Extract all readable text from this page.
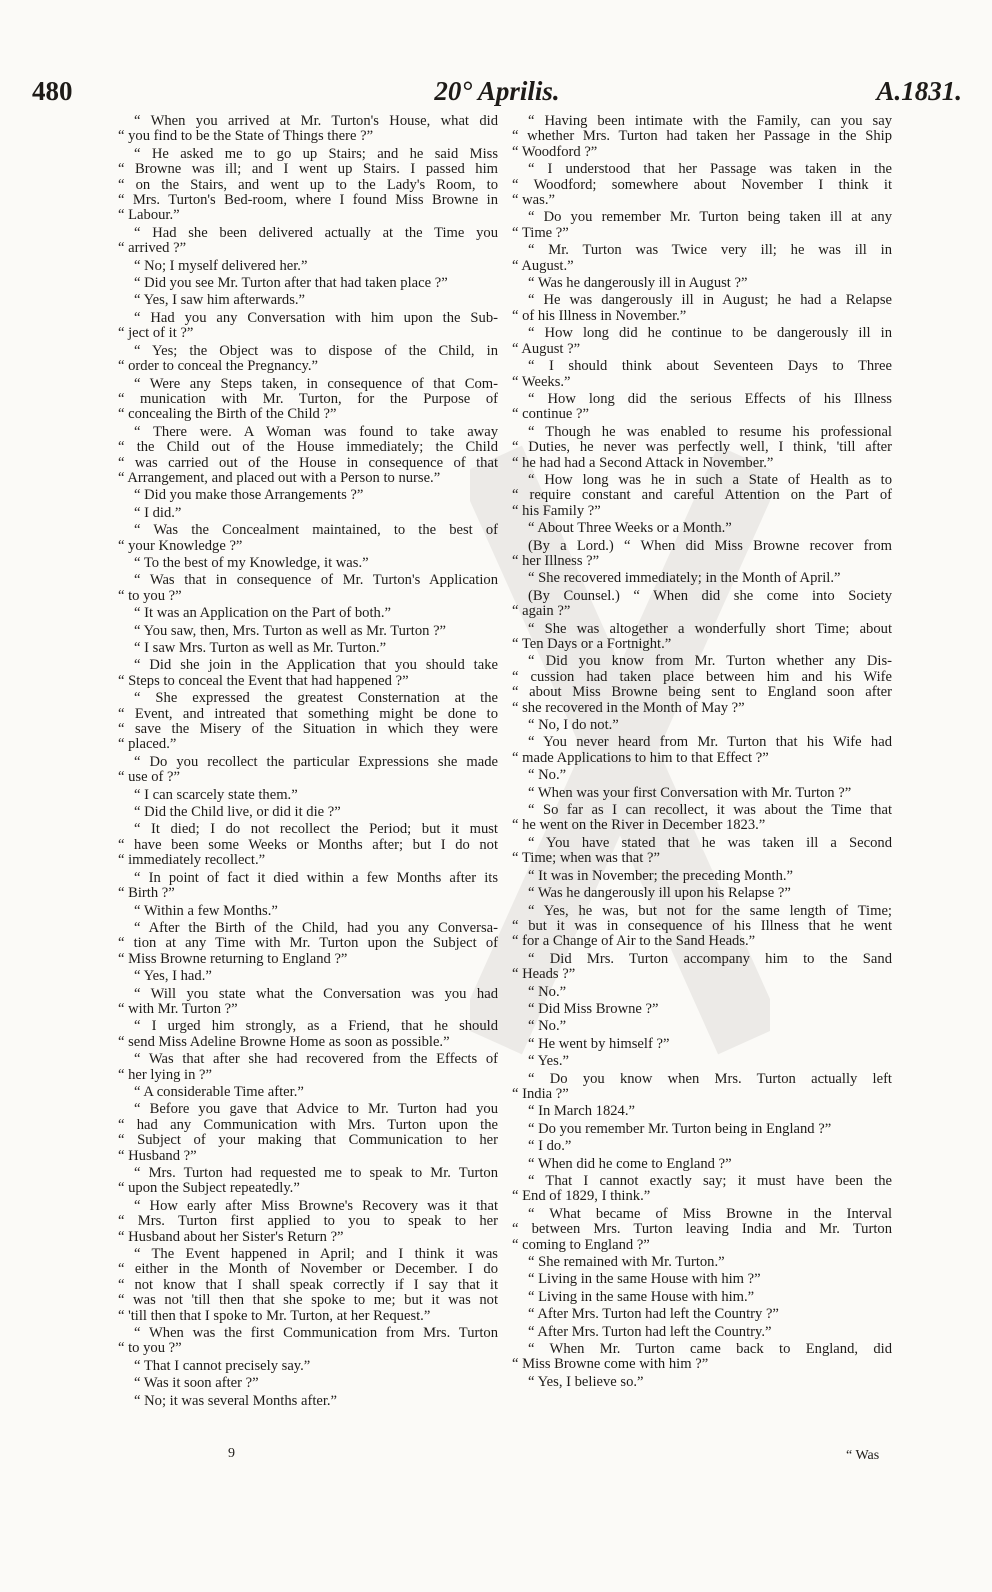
480	20° Aprilis.	A.1831.
“ When you arrived at Mr. Turton's House, what did
“ you find to be the State of Things there ?”
“ He asked me to go up Stairs; and he said Miss
“ Browne was ill; and I went up Stairs. I passed him
“ on the Stairs, and went up to the Lady's Room, to
“ Mrs. Turton's Bed-room, where I found Miss Browne in
“ Labour.”
“ Had she been delivered actually at the Time you
“ arrived ?”
“ No; I myself delivered her.”
“ Did you see Mr. Turton after that had taken place ?”
“ Yes, I saw him afterwards.”
“ Had you any Conversation with him upon the Sub-
“ ject of it ?”
“ Yes; the Object was to dispose of the Child, in
“ order to conceal the Pregnancy.”
“ Were any Steps taken, in consequence of that Com-
“ munication with Mr. Turton, for the Purpose of
“ concealing the Birth of the Child ?”
“ There were. A Woman was found to take away
“ the Child out of the House immediately; the Child
“ was carried out of the House in consequence of that
“ Arrangement, and placed out with a Person to nurse.”
“ Did you make those Arrangements ?”
“ I did.”
“ Was the Concealment maintained, to the best of
“ your Knowledge ?”
“ To the best of my Knowledge, it was.”
“ Was that in consequence of Mr. Turton's Application
“ to you ?”
“ It was an Application on the Part of both.”
“ You saw, then, Mrs. Turton as well as Mr. Turton ?”
“ I saw Mrs. Turton as well as Mr. Turton.”
“ Did she join in the Application that you should take
“ Steps to conceal the Event that had happened ?”
“ She expressed the greatest Consternation at the
“ Event, and intreated that something might be done to
“ save the Misery of the Situation in which they were
“ placed.”
“ Do you recollect the particular Expressions she made
“ use of ?”
“ I can scarcely state them.”
“ Did the Child live, or did it die ?”
“ It died; I do not recollect the Period; but it must
“ have been some Weeks or Months after; but I do not
“ immediately recollect.”
“ In point of fact it died within a few Months after its
“ Birth ?”
“ Within a few Months.”
“ After the Birth of the Child, had you any Conversa-
“ tion at any Time with Mr. Turton upon the Subject of
“ Miss Browne returning to England ?”
“ Yes, I had.”
“ Will you state what the Conversation was you had
“ with Mr. Turton ?”
“ I urged him strongly, as a Friend, that he should
“ send Miss Adeline Browne Home as soon as possible.”
“ Was that after she had recovered from the Effects of
“ her lying in ?”
“ A considerable Time after.”
“ Before you gave that Advice to Mr. Turton had you
“ had any Communication with Mrs. Turton upon the
“ Subject of your making that Communication to her
“ Husband ?”
“ Mrs. Turton had requested me to speak to Mr. Turton
“ upon the Subject repeatedly.”
“ How early after Miss Browne's Recovery was it that
“ Mrs. Turton first applied to you to speak to her
“ Husband about her Sister's Return ?”
“ The Event happened in April; and I think it was
“ either in the Month of November or December. I do
“ not know that I shall speak correctly if I say that it
“ was not 'till then that she spoke to me; but it was not
“ 'till then that I spoke to Mr. Turton, at her Request.”
“ When was the first Communication from Mrs. Turton
“ to you ?”
“ That I cannot precisely say.”
“ Was it soon after ?”
“ No; it was several Months after.”
“ Having been intimate with the Family, can you say
“ whether Mrs. Turton had taken her Passage in the Ship
“ Woodford ?”
“ I understood that her Passage was taken in the
“ Woodford; somewhere about November I think it
“ was.”
“ Do you remember Mr. Turton being taken ill at any
“ Time ?”
“ Mr. Turton was Twice very ill; he was ill in
“ August.”
“ Was he dangerously ill in August ?”
“ He was dangerously ill in August; he had a Relapse
“ of his Illness in November.”
“ How long did he continue to be dangerously ill in
“ August ?”
“ I should think about Seventeen Days to Three
“ Weeks.”
“ How long did the serious Effects of his Illness
“ continue ?”
“ Though he was enabled to resume his professional
“ Duties, he never was perfectly well, I think, 'till after
“ he had had a Second Attack in November.”
“ How long was he in such a State of Health as to
“ require constant and careful Attention on the Part of
“ his Family ?”
“ About Three Weeks or a Month.”
(By a Lord.) “ When did Miss Browne recover from
“ her Illness ?”
“ She recovered immediately; in the Month of April.”
(By Counsel.) “ When did she come into Society
“ again ?”
“ She was altogether a wonderfully short Time; about
“ Ten Days or a Fortnight.”
“ Did you know from Mr. Turton whether any Dis-
“ cussion had taken place between him and his Wife
“ about Miss Browne being sent to England soon after
“ she recovered in the Month of May ?”
“ No, I do not.”
“ You never heard from Mr. Turton that his Wife had
“ made Applications to him to that Effect ?”
“ No.”
“ When was your first Conversation with Mr. Turton ?”
“ So far as I can recollect, it was about the Time that
“ he went on the River in December 1823.”
“ You have stated that he was taken ill a Second
“ Time; when was that ?”
“ It was in November; the preceding Month.”
“ Was he dangerously ill upon his Relapse ?”
“ Yes, he was, but not for the same length of Time;
“ but it was in consequence of his Illness that he went
“ for a Change of Air to the Sand Heads.”
“ Did Mrs. Turton accompany him to the Sand
“ Heads ?”
“ No.”
“ Did Miss Browne ?”
“ No.”
“ He went by himself ?”
“ Yes.”
“ Do you know when Mrs. Turton actually left
“ India ?”
“ In March 1824.”
“ Do you remember Mr. Turton being in England ?”
“ I do.”
“ When did he come to England ?”
“ That I cannot exactly say; it must have been the
“ End of 1829, I think.”
“ What became of Miss Browne in the Interval
“ between Mrs. Turton leaving India and Mr. Turton
“ coming to England ?”
“ She remained with Mr. Turton.”
“ Living in the same House with him ?”
“ Living in the same House with him.”
“ After Mrs. Turton had left the Country ?”
“ After Mrs. Turton had left the Country.”
“ When Mr. Turton came back to England, did
“ Miss Browne come with him ?”
“ Yes, I believe so.”
9	“ Was
